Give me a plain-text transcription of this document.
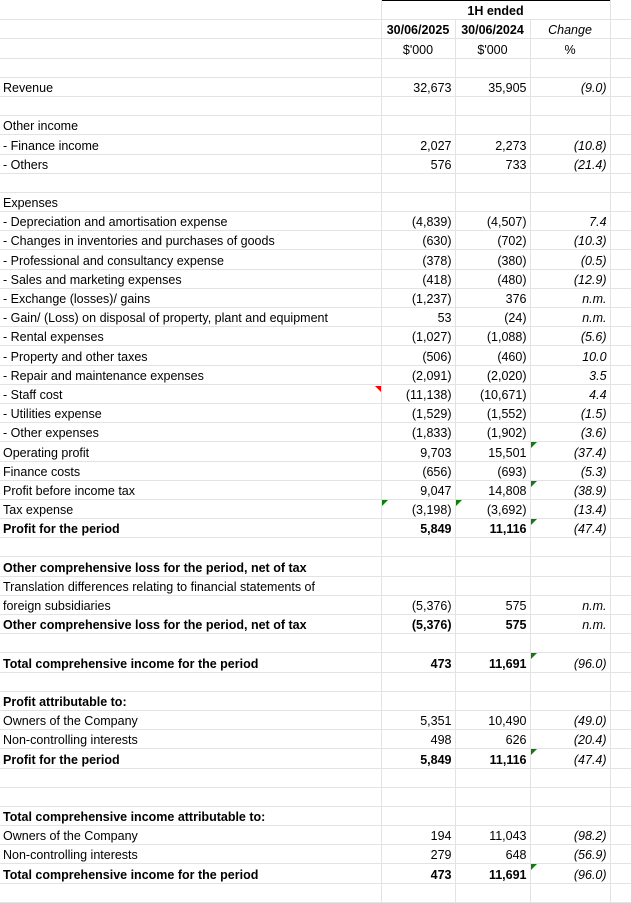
	1H ended			
	30/06/2025	30/06/2024	Change	
	$'000	$'000	%	

Revenue	32,673	35,905	(9.0)	

Other income				
- Finance income	2,027	2,273	(10.8)	
- Others	576	733	(21.4)	

Expenses				
- Depreciation and amortisation expense	(4,839)	(4,507)	7.4	
- Changes in inventories and purchases of goods	(630)	(702)	(10.3)	
- Professional and consultancy expense	(378)	(380)	(0.5)	
- Sales and marketing expenses	(418)	(480)	(12.9)	
- Exchange (losses)/ gains	(1,237)	376	n.m.	
- Gain/ (Loss) on disposal of property, plant and equipment	53	(24)	n.m.	
- Rental expenses	(1,027)	(1,088)	(5.6)	
- Property and other taxes	(506)	(460)	10.0	
- Repair and maintenance expenses	(2,091)	(2,020)	3.5	

- Staff cost	(11,138)	(10,671)	4.4	
- Utilities expense	(1,529)	(1,552)	(1.5)	
- Other expenses	(1,833)	(1,902)	(3.6)	
Operating profit	9,703	15,501	(37.4)	
Finance costs	(656)	(693)	(5.3)	
Profit before income tax	9,047	14,808	(38.9)	
Tax expense	(3,198)	(3,692)	(13.4)	
Profit for the period	5,849	11,116	(47.4)	

Other comprehensive loss for the period, net of tax				
Translation differences relating to financial statements of				
foreign subsidiaries	(5,376)	575	n.m.	
Other comprehensive loss for the period, net of tax	(5,376)	575	n.m.	

Total comprehensive income for the period	473	11,691	(96.0)	

Profit attributable to:				
Owners of the Company	5,351	10,490	(49.0)	
Non-controlling interests	498	626	(20.4)	
Profit for the period	5,849	11,116	(47.4)	

Total comprehensive income attributable to:				
Owners of the Company	194	11,043	(98.2)	
Non-controlling interests	279	648	(56.9)	
Total comprehensive income for the period	473	11,691	(96.0)	
